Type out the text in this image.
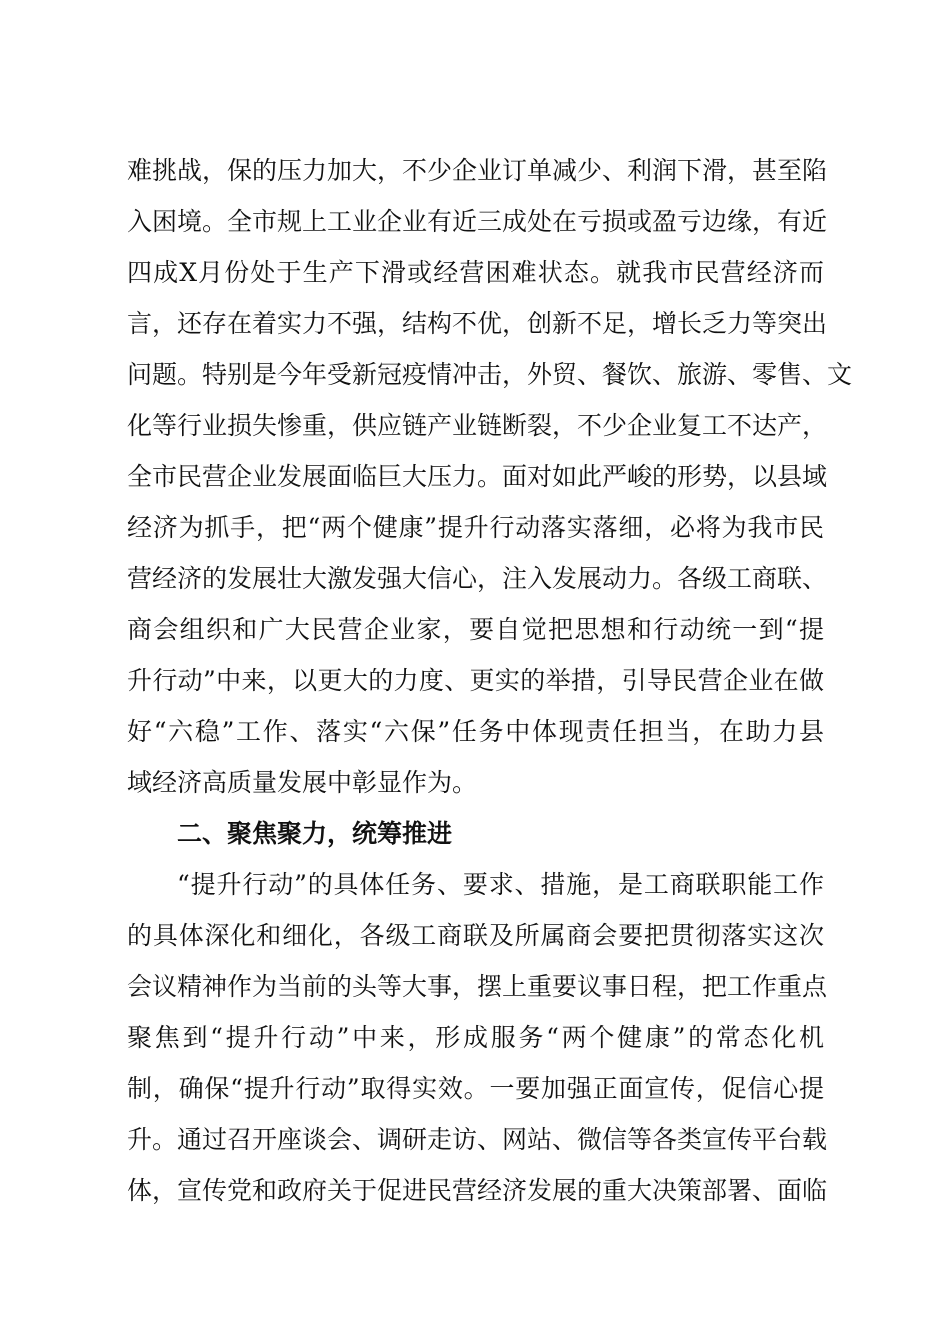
难挑战，保的压力加大，不少企业订单减少、利润下滑，甚至陷
入困境。全市规上工业企业有近三成处在亏损或盈亏边缘，有近
四成X月份处于生产下滑或经营困难状态。就我市民营经济而
言，还存在着实力不强，结构不优，创新不足，增长乏力等突出
问题。特别是今年受新冠疫情冲击，外贸、餐饮、旅游、零售、文
化等行业损失惨重，供应链产业链断裂，不少企业复工不达产，
全市民营企业发展面临巨大压力。面对如此严峻的形势，以县域
经济为抓手，把“两个健康”提升行动落实落细，必将为我市民
营经济的发展壮大激发强大信心，注入发展动力。各级工商联、
商会组织和广大民营企业家，要自觉把思想和行动统一到“提
升行动”中来，以更大的力度、更实的举措，引导民营企业在做
好“六稳”工作、落实“六保”任务中体现责任担当，在助力县
域经济高质量发展中彰显作为。
二、聚焦聚力，统筹推进
“提升行动”的具体任务、要求、措施，是工商联职能工作
的具体深化和细化，各级工商联及所属商会要把贯彻落实这次
会议精神作为当前的头等大事，摆上重要议事日程，把工作重点
聚焦到“提升行动”中来，形成服务“两个健康”的常态化机
制，确保“提升行动”取得实效。一要加强正面宣传，促信心提
升。通过召开座谈会、调研走访、网站、微信等各类宣传平台载
体，宣传党和政府关于促进民营经济发展的重大决策部署、面临
